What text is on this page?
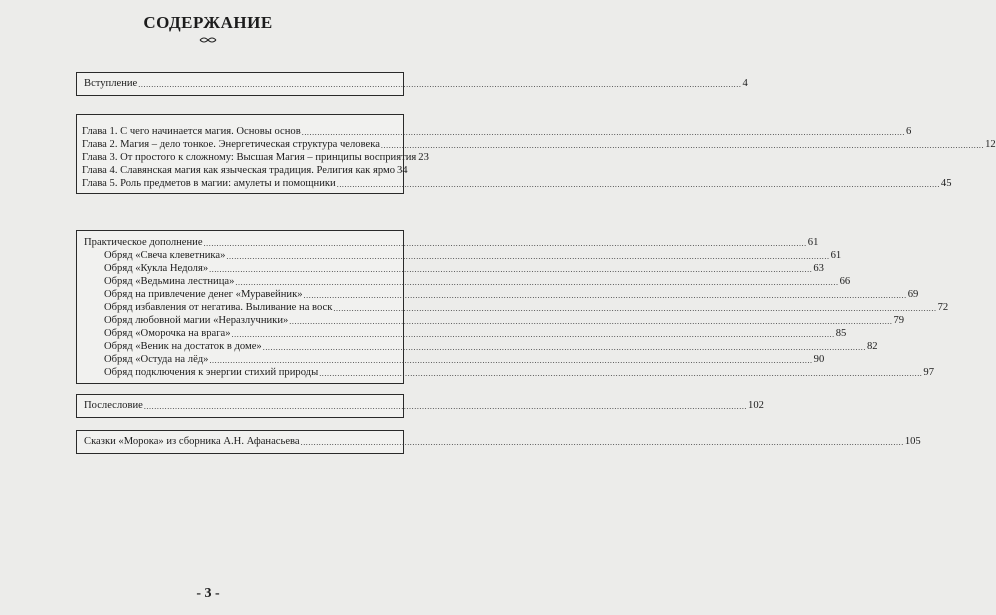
СОДЕРЖАНИЕ
Вступление .....	4
Глава 1. С чего начинается магия. Основы основ .....	6
Глава 2. Магия – дело тонкое. Энергетическая структура человека .....	12
Глава 3. От простого к сложному: Высшая Магия – принципы восприятия 23
Глава 4. Славянская магия как языческая традиция. Религия как ярмо 34
Глава 5. Роль предметов в магии: амулеты и помощники .....	45
Практическое дополнение .....	61
Обряд «Свеча клеветника» .....	61
Обряд «Кукла Недоля» .....	63
Обряд «Ведьмина лестница» .....	66
Обряд на привлечение денег «Муравейник» .....	69
Обряд избавления от негатива. Выливание на воск .....	72
Обряд любовной магии «Неразлучники» .....	79
Обряд «Оморочка на врага» .....	85
Обряд «Веник на достаток в доме» .....	82
Обряд «Остуда на лёд» .....	90
Обряд подключения к энергии стихий природы .....	97
Послесловие .....	102
Сказки «Морока» из сборника А.Н. Афанасьева .....	105
- 3 -
